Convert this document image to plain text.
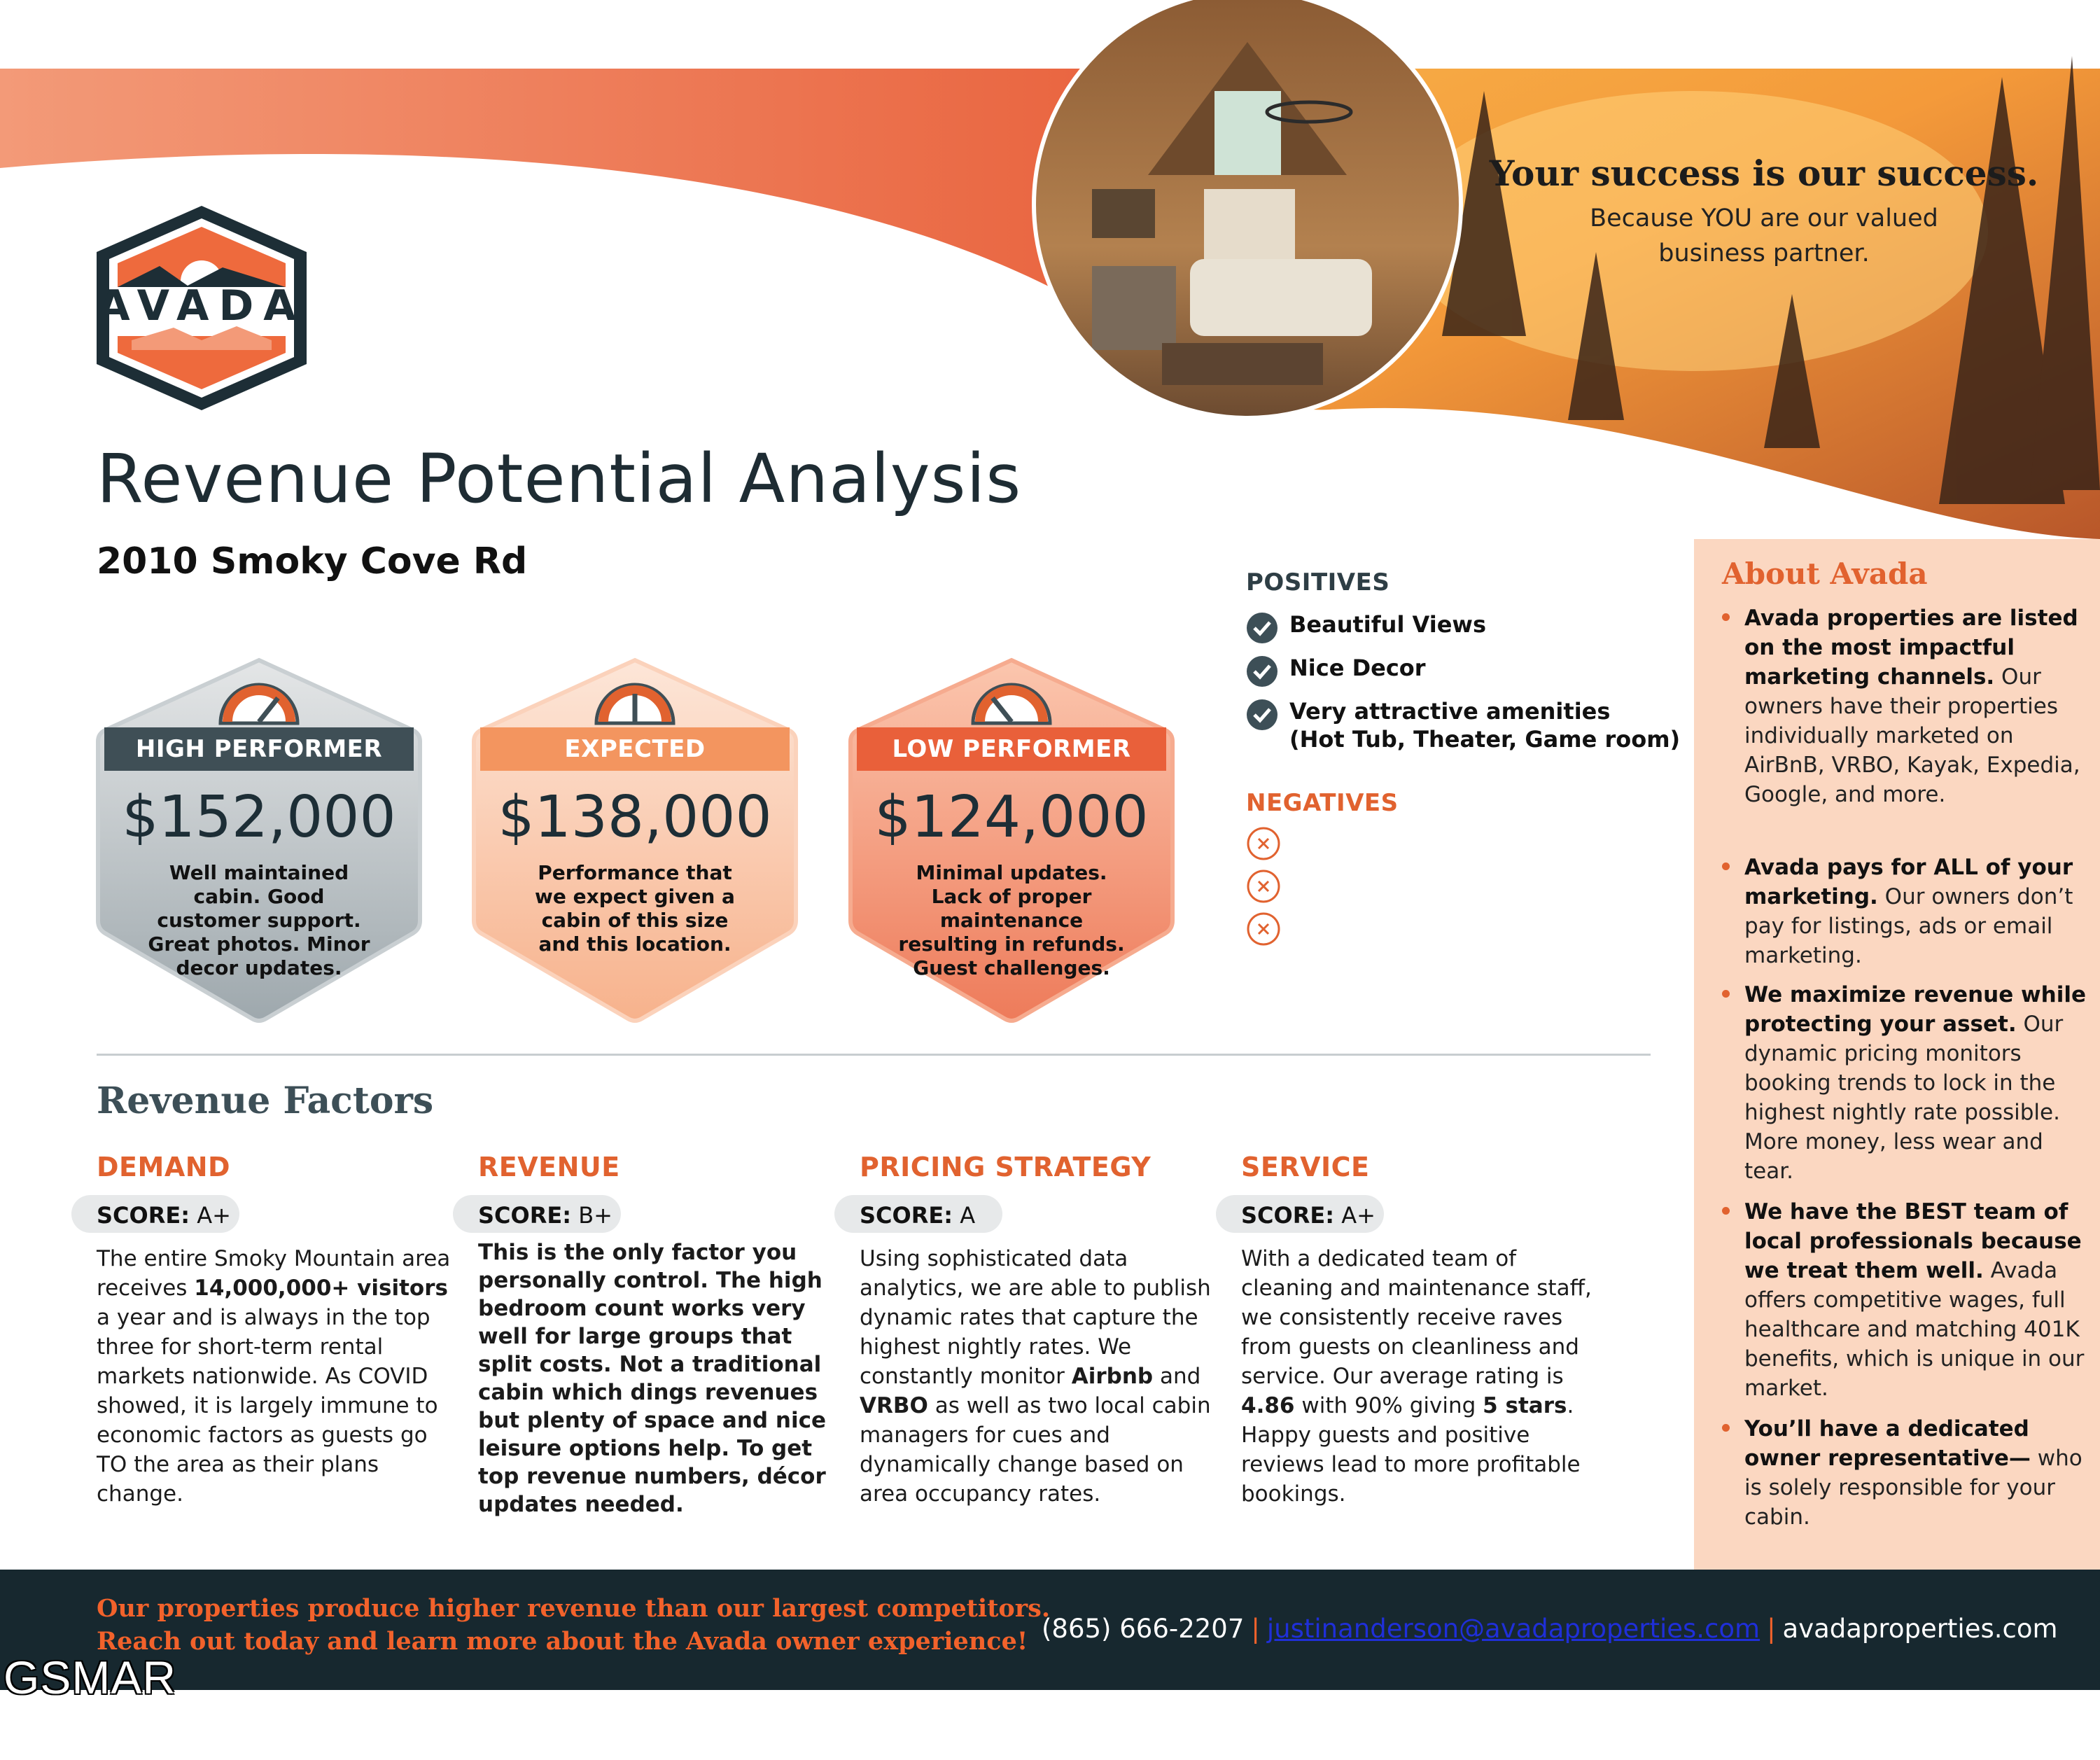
AVADA
Your success is our success.
Because YOU are our valued business partner.
Revenue Potential Analysis
2010 Smoky Cove Rd
HIGH PERFORMER
$152,000
Well maintained cabin. Good customer support. Great photos. Minor decor updates.
EXPECTED
$138,000
Performance that we expect given a cabin of this size and this location.
LOW PERFORMER
$124,000
Minimal updates. Lack of proper maintenance resulting in refunds. Guest challenges.
POSITIVES
Beautiful Views
Nice Decor
Very attractive amenities
(Hot Tub, Theater, Game room)
NEGATIVES
Revenue Factors
DEMAND
SCORE: A+
The entire Smoky Mountain area receives 14,000,000+ visitors a year and is always in the top three for short-term rental markets nationwide. As COVID showed, it is largely immune to economic factors as guests go TO the area as their plans change.
REVENUE
SCORE: B+
This is the only factor you personally control. The high bedroom count works very well for large groups that split costs. Not a traditional cabin which dings revenues but plenty of space and nice leisure options help. To get top revenue numbers, décor updates needed.
PRICING STRATEGY
SCORE: A
Using sophisticated data analytics, we are able to publish dynamic rates that capture the highest nightly rates. We constantly monitor Airbnb and VRBO as well as two local cabin managers for cues and dynamically change based on area occupancy rates.
SERVICE
SCORE: A+
With a dedicated team of cleaning and maintenance staff, we consistently receive raves from guests on cleanliness and service. Our average rating is 4.86 with 90% giving 5 stars. Happy guests and positive reviews lead to more profitable bookings.
About Avada
Avada properties are listed on the most impactful marketing channels. Our owners have their properties individually marketed on AirBnB, VRBO, Kayak, Expedia, Google, and more.
Avada pays for ALL of your marketing. Our owners don’t pay for listings, ads or email marketing.
We maximize revenue while protecting your asset. Our dynamic pricing monitors booking trends to lock in the highest nightly rate possible. More money, less wear and tear.
We have the BEST team of local professionals because we treat them well. Avada offers competitive wages, full healthcare and matching 401K benefits, which is unique in our market.
You’ll have a dedicated owner representative— who is solely responsible for your cabin.
Our properties produce higher revenue than our largest competitors.
Reach out today and learn more about the Avada owner experience! (865) 666-2207 | justinanderson@avadaproperties.com | avadaproperties.com
GSMAR
